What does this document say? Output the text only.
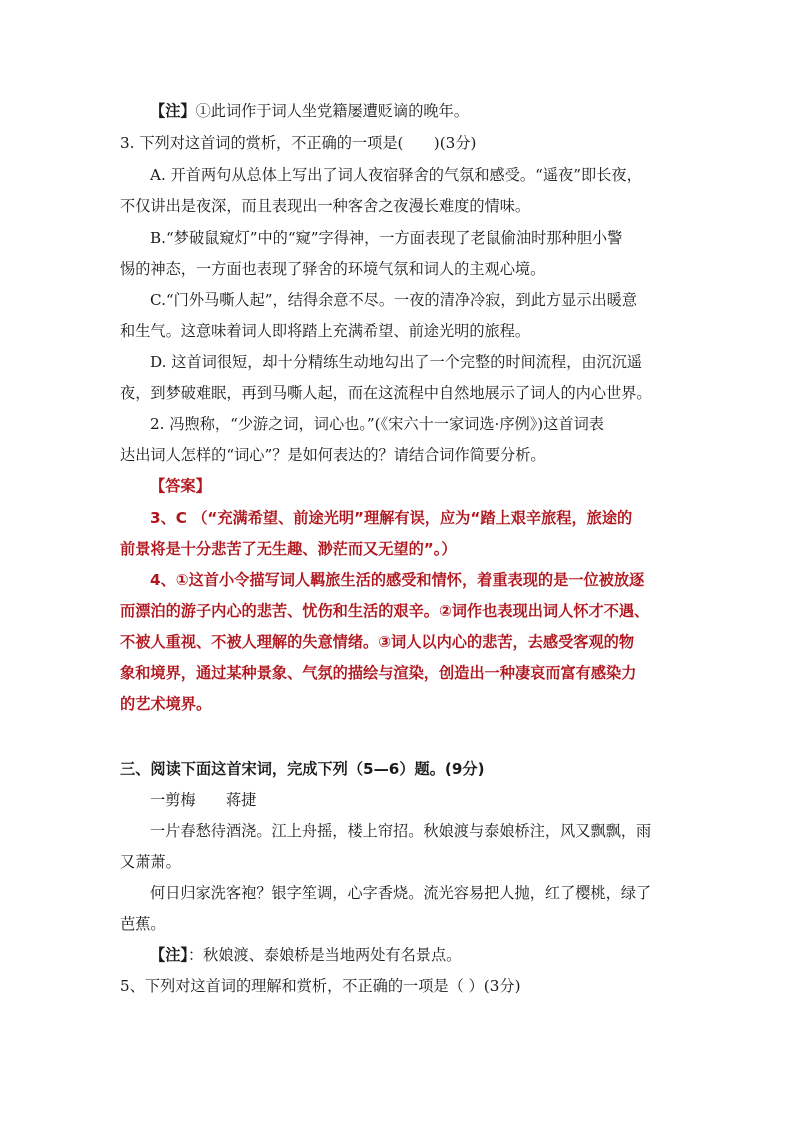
【注】①此词作于词人坐党籍屡遭贬谪的晚年。
3. 下列对这首词的赏析，不正确的一项是(　　)(3分)
A. 开首两句从总体上写出了词人夜宿驿舍的气氛和感受。“遥夜”即长夜，
不仅讲出是夜深，而且表现出一种客舍之夜漫长难度的情味。
B.“梦破鼠窥灯”中的“窥”字得神，一方面表现了老鼠偷油时那种胆小警
惕的神态，一方面也表现了驿舍的环境气氛和词人的主观心境。
C.“门外马嘶人起”，结得余意不尽。一夜的清净冷寂，到此方显示出暖意
和生气。这意味着词人即将踏上充满希望、前途光明的旅程。
D. 这首词很短，却十分精练生动地勾出了一个完整的时间流程，由沉沉遥
夜，到梦破难眠，再到马嘶人起，而在这流程中自然地展示了词人的内心世界。
2. 冯煦称，“少游之词，词心也。”(《宋六十一家词选·序例》)这首词表
达出词人怎样的“词心”？是如何表达的？请结合词作简要分析。
【答案】
3、C （“充满希望、前途光明”理解有误，应为“踏上艰辛旅程，旅途的
前景将是十分悲苦了无生趣、渺茫而又无望的”。）
4、①这首小令描写词人羁旅生活的感受和情怀，着重表现的是一位被放逐
而漂泊的游子内心的悲苦、忧伤和生活的艰辛。②词作也表现出词人怀才不遇、
不被人重视、不被人理解的失意情绪。③词人以内心的悲苦，去感受客观的物
象和境界，通过某种景象、气氛的描绘与渲染，创造出一种凄哀而富有感染力
的艺术境界。
三、阅读下面这首宋词，完成下列（5—6）题。(9分)
一剪梅　　蒋捷
一片春愁待酒浇。江上舟摇，楼上帘招。秋娘渡与泰娘桥注，风又飘飘，雨
又萧萧。
何日归家洗客袍？银字笙调，心字香烧。流光容易把人抛，红了樱桃，绿了
芭蕉。
【注】：秋娘渡、泰娘桥是当地两处有名景点。
5、下列对这首词的理解和赏析，不正确的一项是（ ）(3分)
